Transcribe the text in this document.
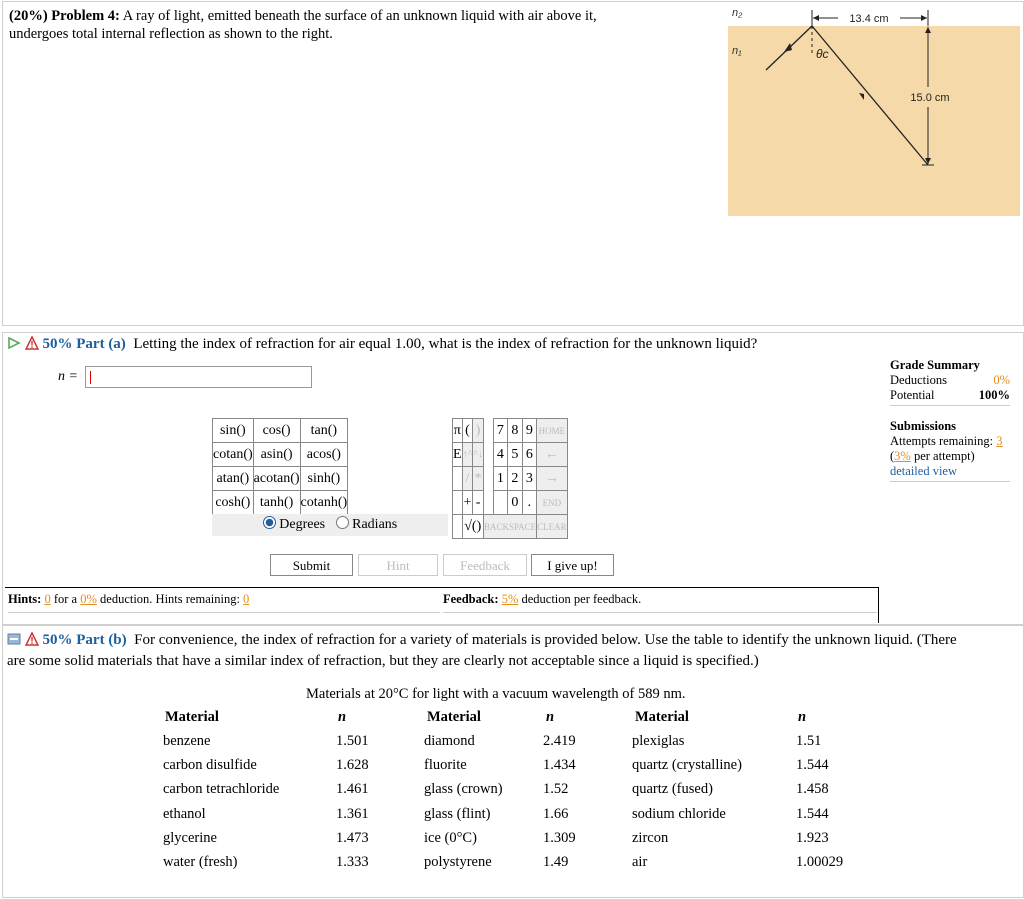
(20%) Problem 4: A ray of light, emitted beneath the surface of an unknown liquid with air above it,
undergoes total internal reflection as shown to the right.
n₂
n₁	θc
13.4 cm
15.0 cm
50% Part (a) Letting the index of refraction for air equal 1.00, what is the index of refraction for the unknown liquid?
n =
sin()	cos()	tan()
cotan()	asin()	acos()
atan()	acotan()	sinh()
cosh()	tanh()	cotanh()
Degrees Radians
π	(	)		7	8	9	HOME
E	↑^	^↓		4	5	6	←
	/	*		1	2	3	→
	+	-			0	.	END
	√()		BACKSPACE				CLEAR
Submit	Hint	Feedback	I give up!
Hints: 0 for a 0% deduction. Hints remaining: 0	Feedback: 5% deduction per feedback.
Grade Summary
Deductions	0%
Potential	100%
Submissions
Attempts remaining: 3
(3% per attempt)
detailed view
50% Part (b) For convenience, the index of refraction for a variety of materials is provided below. Use the table to identify the unknown liquid. (There
are some solid materials that have a similar index of refraction, but they are clearly not acceptable since a liquid is specified.)
Materials at 20°C for light with a vacuum wavelength of 589 nm.
Material	n
benzene	1.501
carbon disulfide	1.628
carbon tetrachloride	1.461
ethanol	1.361
glycerine	1.473
water (fresh)	1.333
Material	n
diamond	2.419
fluorite	1.434
glass (crown)	1.52
glass (flint)	1.66
ice (0°C)	1.309
polystyrene	1.49
Material	n
plexiglas	1.51
quartz (crystalline)	1.544
quartz (fused)	1.458
sodium chloride	1.544
zircon	1.923
air	1.00029
